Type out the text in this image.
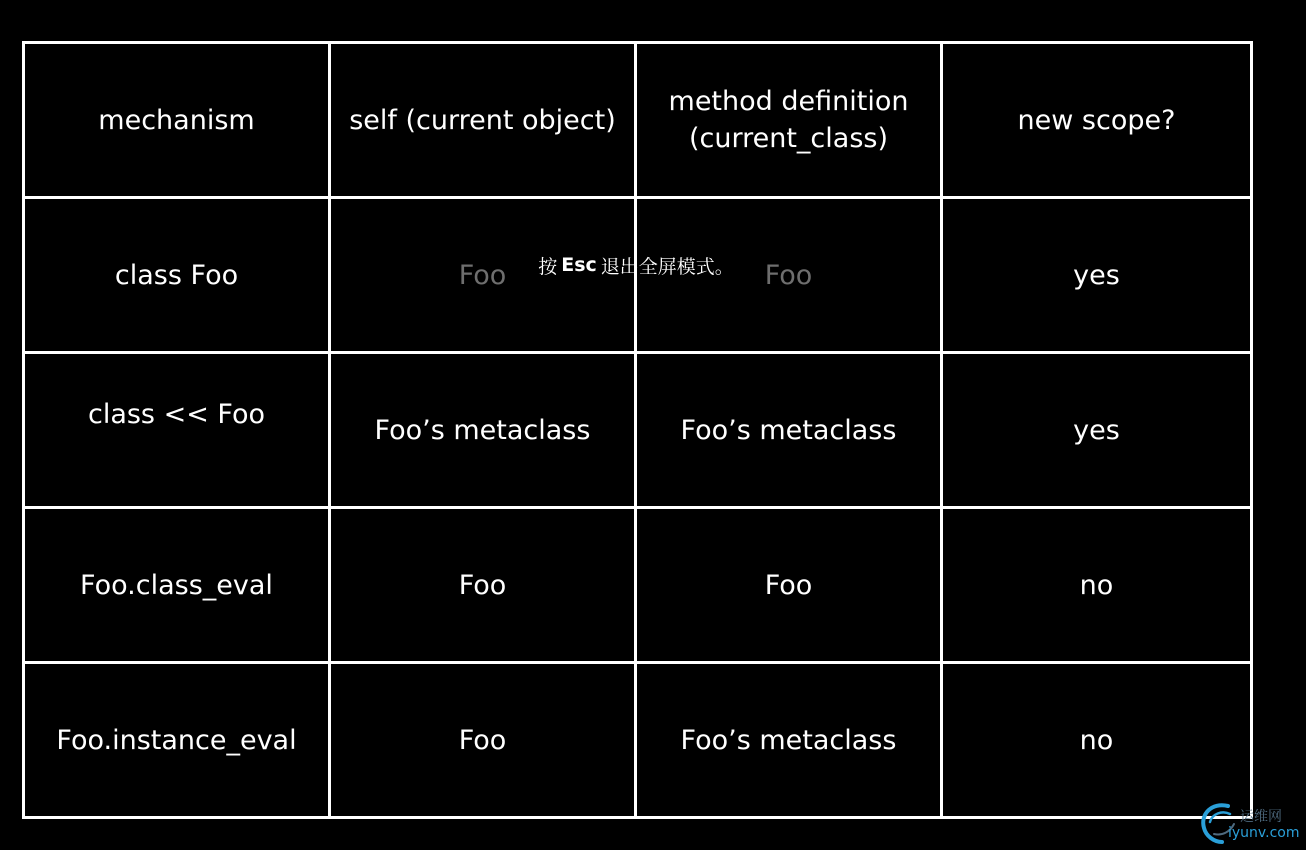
mechanism	self (current object)	method definition (current_class)	new scope?
class Foo	Foo	Foo	yes
class << Foo	Foo’s metaclass	Foo’s metaclass	yes
Foo.class_eval	Foo	Foo	no
Foo.instance_eval	Foo	Foo’s metaclass	no
按 Esc 退出全屏模式。
运维网
iyunv.com
